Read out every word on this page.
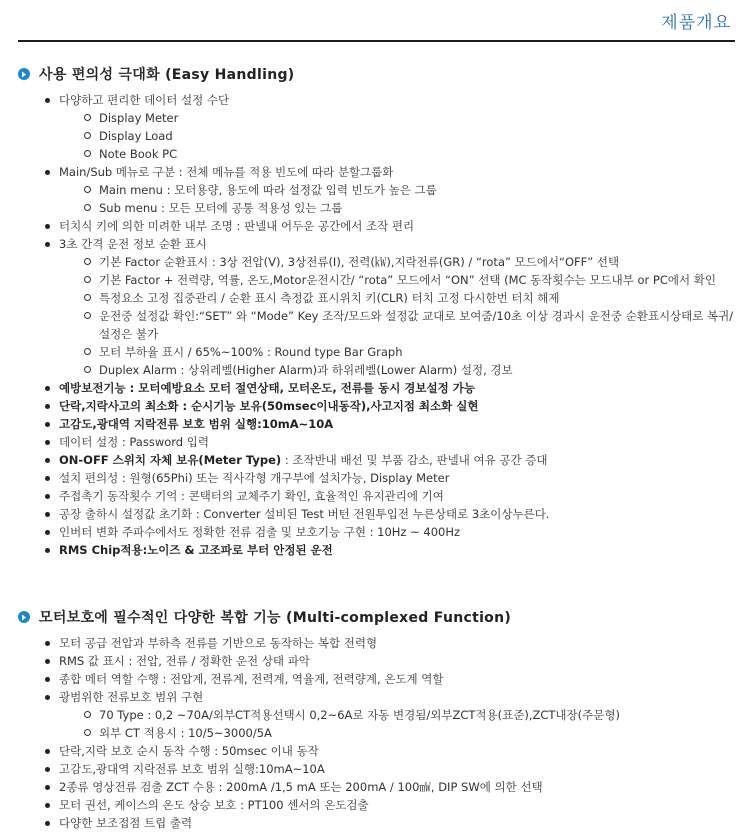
제품개요
사용 편의성 극대화 (Easy Handling)
다양하고 편리한 데이터 설정 수단
Display Meter
Display Load
Note Book PC
Main/Sub 메뉴로 구분 : 전체 메뉴를 적용 빈도에 따라 분할그룹화
Main menu : 모터용량, 용도에 따라 설정값 입력 빈도가 높은 그룹
Sub menu : 모든 모터에 공통 적용성 있는 그룹
터치식 키에 의한 미려한 내부 조명 : 판넬내 어두운 공간에서 조작 편리
3초 간격 운전 정보 순환 표시
기본 Factor 순환표시 : 3상 전압(V), 3상전류(I), 전력(㎾),지락전류(GR) / “rota” 모드에서“OFF” 선택
기본 Factor + 전력량, 역률, 온도,Motor운전시간/ “rota” 모드에서 “ON” 선택 (MC 동작횟수는 모드내부 or PC에서 확인
특정요소 고정 집중관리 / 순환 표시 측정값 표시위치 키(CLR) 터치 고정 다시한번 터치 해제
운전중 설정값 확인:“SET” 와 “Mode” Key 조작/모드와 설정값 교대로 보여줌/10초 이상 경과시 운전중 순환표시상태로 복귀/설정은 불가
모터 부하율 표시 / 65%~100% : Round type Bar Graph
Duplex Alarm : 상위레벨(Higher Alarm)과 하위레벨(Lower Alarm) 설정, 경보
예방보전기능 : 모터예방요소 모터 절연상태, 모터온도, 전류를 동시 경보설정 가능
단락,지락사고의 최소화 : 순시기능 보유(50msec이내동작),사고지점 최소화 실현
고감도,광대역 지락전류 보호 범위 실행:10mA~10A
데이터 설정 : Password 입력
ON-OFF 스위치 자체 보유(Meter Type) : 조작반내 배선 및 부품 감소, 판넬내 여유 공간 증대
설치 편의성 : 원형(65Phi) 또는 직사각형 개구부에 설치가능, Display Meter
주접촉기 동작횟수 기억 : 콘택터의 교체주기 확인, 효율적인 유지관리에 기여
공장 출하시 설정값 초기화 : Converter 설비된 Test 버턴 전원투입전 누른상태로 3초이상누른다.
인버터 변화 주파수에서도 정확한 전류 검출 및 보호기능 구현 : 10Hz ~ 400Hz
RMS Chip적용:노이즈 & 고조파로 부터 안정된 운전
모터보호에 필수적인 다양한 복합 기능 (Multi-complexed Function)
모터 공급 전압과 부하측 전류를 기반으로 동작하는 복합 전력형
RMS 값 표시 : 전압, 전류 / 정확한 운전 상태 파악
종합 메터 역할 수행 : 전압계, 전류계, 전력계, 역율계, 전력량계, 온도계 역할
광범위한 전류보호 범위 구현
70 Type : 0,2 ~70A/외부CT적용선택시 0,2~6A로 자동 변경됨/외부ZCT적용(표준),ZCT내장(주문형)
외부 CT 적용시 : 10/5~3000/5A
단락,지락 보호 순시 동작 수행 : 50msec 이내 동작
고감도,광대역 지락전류 보호 범위 실행:10mA~10A
2종류 영상전류 검출 ZCT 수용 : 200mA /1,5 mA 또는 200mA / 100㎽, DIP SW에 의한 선택
모터 권선, 케이스의 온도 상승 보호 : PT100 센서의 온도검출
다양한 보조접점 트립 출력
